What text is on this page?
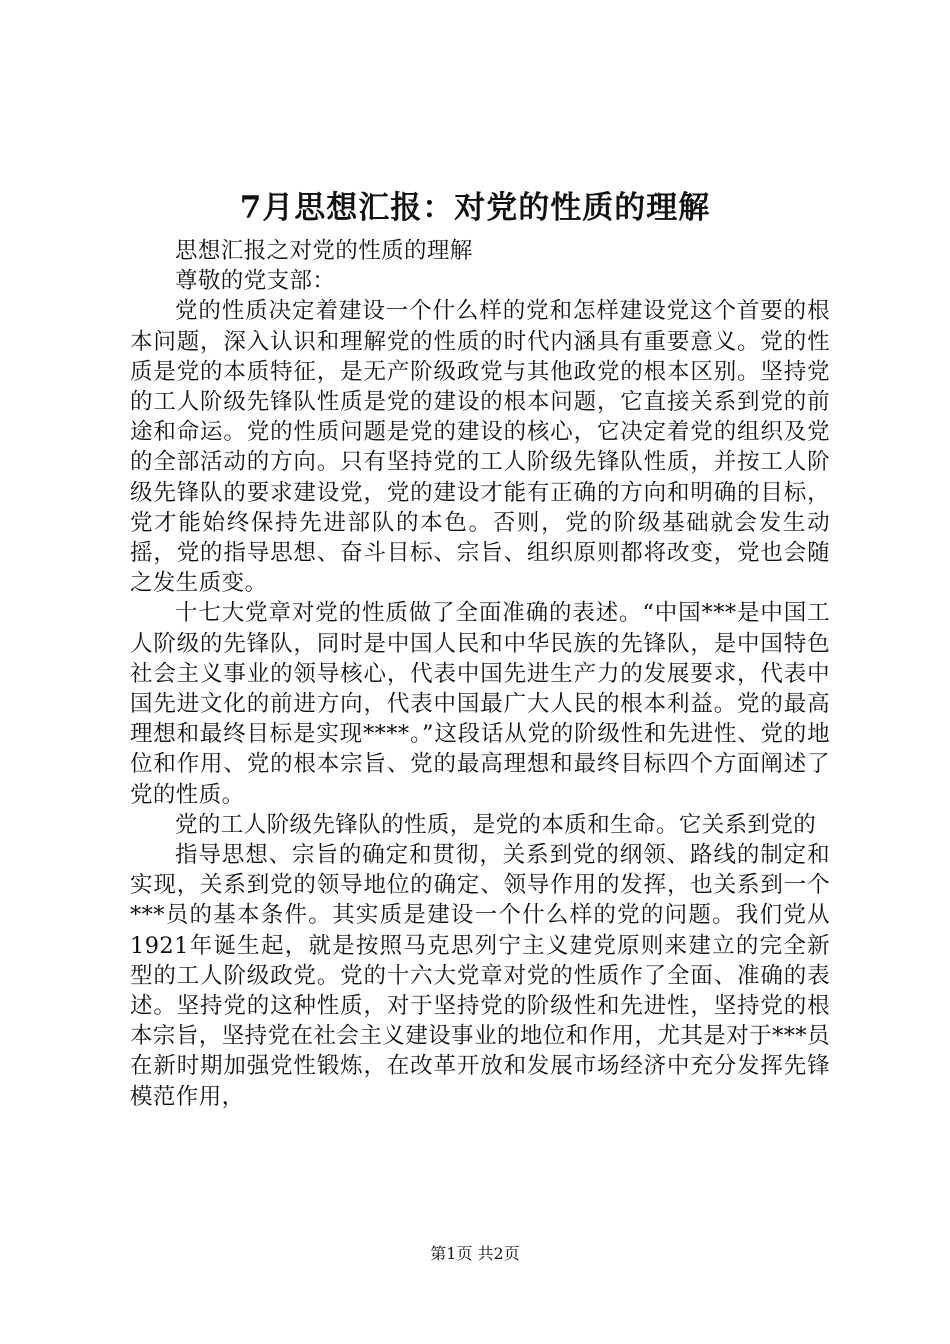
7月思想汇报：对党的性质的理解

思想汇报之对党的性质的理解

尊敬的党支部：

党的性质决定着建设一个什么样的党和怎样建设党这个首要的根本问题，深入认识和理解党的性质的时代内涵具有重要意义。党的性质是党的本质特征，是无产阶级政党与其他政党的根本区别。坚持党的工人阶级先锋队性质是党的建设的根本问题，它直接关系到党的前途和命运。党的性质问题是党的建设的核心，它决定着党的组织及党的全部活动的方向。只有坚持党的工人阶级先锋队性质，并按工人阶级先锋队的要求建设党，党的建设才能有正确的方向和明确的目标，党才能始终保持先进部队的本色。否则，党的阶级基础就会发生动摇，党的指导思想、奋斗目标、宗旨、组织原则都将改变，党也会随之发生质变。

十七大党章对党的性质做了全面准确的表述。“中国***是中国工人阶级的先锋队，同时是中国人民和中华民族的先锋队，是中国特色社会主义事业的领导核心，代表中国先进生产力的发展要求，代表中国先进文化的前进方向，代表中国最广大人民的根本利益。党的最高理想和最终目标是实现****。”这段话从党的阶级性和先进性、党的地位和作用、党的根本宗旨、党的最高理想和最终目标四个方面阐述了党的性质。

党的工人阶级先锋队的性质，是党的本质和生命。它关系到党的

指导思想、宗旨的确定和贯彻，关系到党的纲领、路线的制定和实现，关系到党的领导地位的确定、领导作用的发挥，也关系到一个***员的基本条件。其实质是建设一个什么样的党的问题。我们党从1921年诞生起，就是按照马克思列宁主义建党原则来建立的完全新型的工人阶级政党。党的十六大党章对党的性质作了全面、准确的表述。坚持党的这种性质，对于坚持党的阶级性和先进性，坚持党的根本宗旨，坚持党在社会主义建设事业的地位和作用，尤其是对于***员在新时期加强党性锻炼，在改革开放和发展市场经济中充分发挥先锋模范作用，

第1页 共2页
